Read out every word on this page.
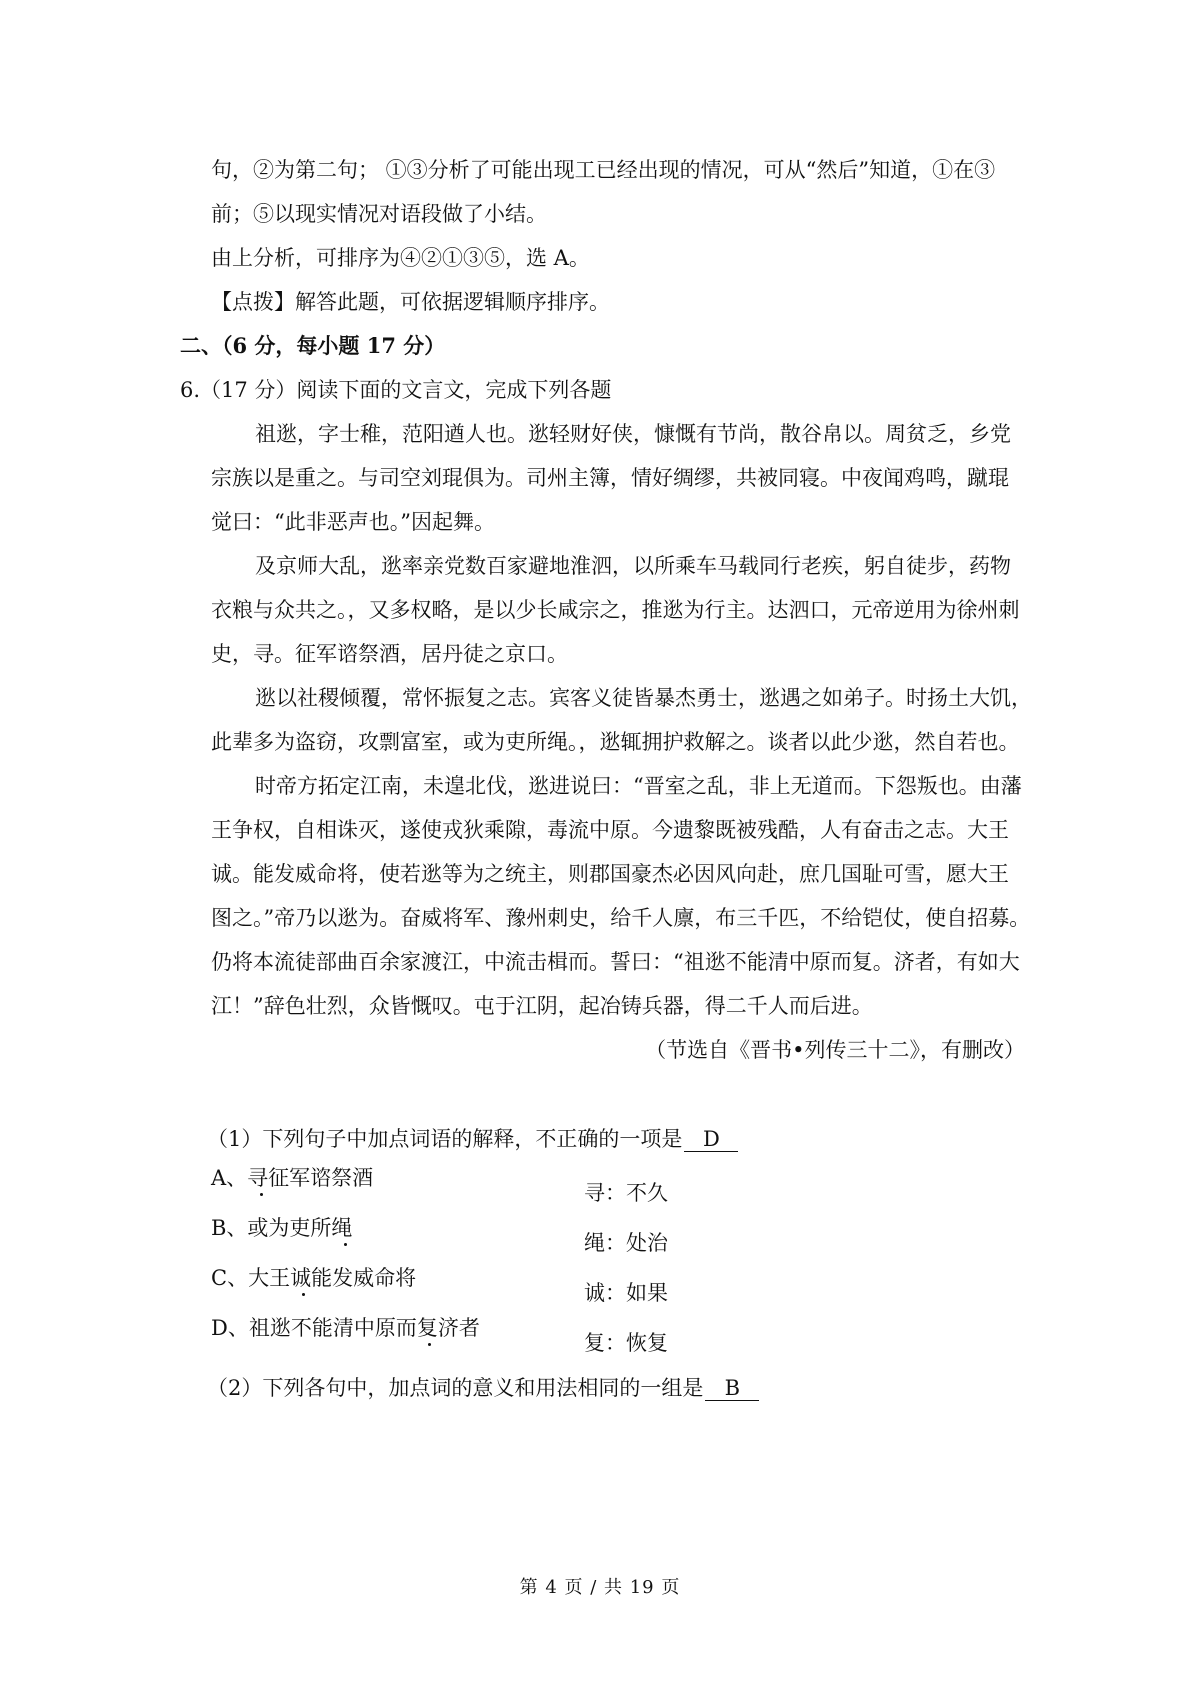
句，②为第二句； ①③分析了可能出现工已经出现的情况，可从“然后”知道，①在③
前；⑤以现实情况对语段做了小结。
由上分析，可排序为④②①③⑤，选 A。
【点拨】解答此题，可依据逻辑顺序排序。
二、（6 分，每小题 17 分）
6.（17 分）阅读下面的文言文，完成下列各题
祖逖，字士稚，范阳遒人也。逖轻财好侠，慷慨有节尚，散谷帛以。周贫乏，乡党
宗族以是重之。与司空刘琨俱为。司州主簿，情好绸缪，共被同寝。中夜闻鸡鸣，蹴琨
觉曰：“此非恶声也。”因起舞。
及京师大乱，逖率亲党数百家避地淮泗，以所乘车马载同行老疾，躬自徒步，药物
衣粮与众共之。，又多权略，是以少长咸宗之，推逖为行主。达泗口，元帝逆用为徐州刺
史，寻。征军谘祭酒，居丹徒之京口。
逖以社稷倾覆，常怀振复之志。宾客义徒皆暴杰勇士，逖遇之如弟子。时扬土大饥，
此辈多为盗窃，攻剽富室，或为吏所绳。，逖辄拥护救解之。谈者以此少逖，然自若也。
时帝方拓定江南，未遑北伐，逖进说曰：“晋室之乱，非上无道而。下怨叛也。由藩
王争权，自相诛灭，遂使戎狄乘隙，毒流中原。今遗黎既被残酷，人有奋击之志。大王
诚。能发威命将，使若逖等为之统主，则郡国豪杰必因风向赴，庶几国耻可雪，愿大王
图之。”帝乃以逖为。奋威将军、豫州刺史，给千人廪，布三千匹，不给铠仗，使自招募。
仍将本流徒部曲百余家渡江，中流击楫而。誓曰：“祖逖不能清中原而复。济者，有如大
江！”辞色壮烈，众皆慨叹。屯于江阴，起冶铸兵器，得二千人而后进。
（节选自《晋书•列传三十二》，有删改）
（1）下列句子中加点词语的解释，不正确的一项是 D
A、寻征军谘祭酒
寻：不久
B、或为吏所绳
绳：处治
C、大王诚能发威命将
诚：如果
D、祖逖不能清中原而复济者
复：恢复
（2）下列各句中，加点词的意义和用法相同的一组是 B
第 4 页 / 共 19 页
